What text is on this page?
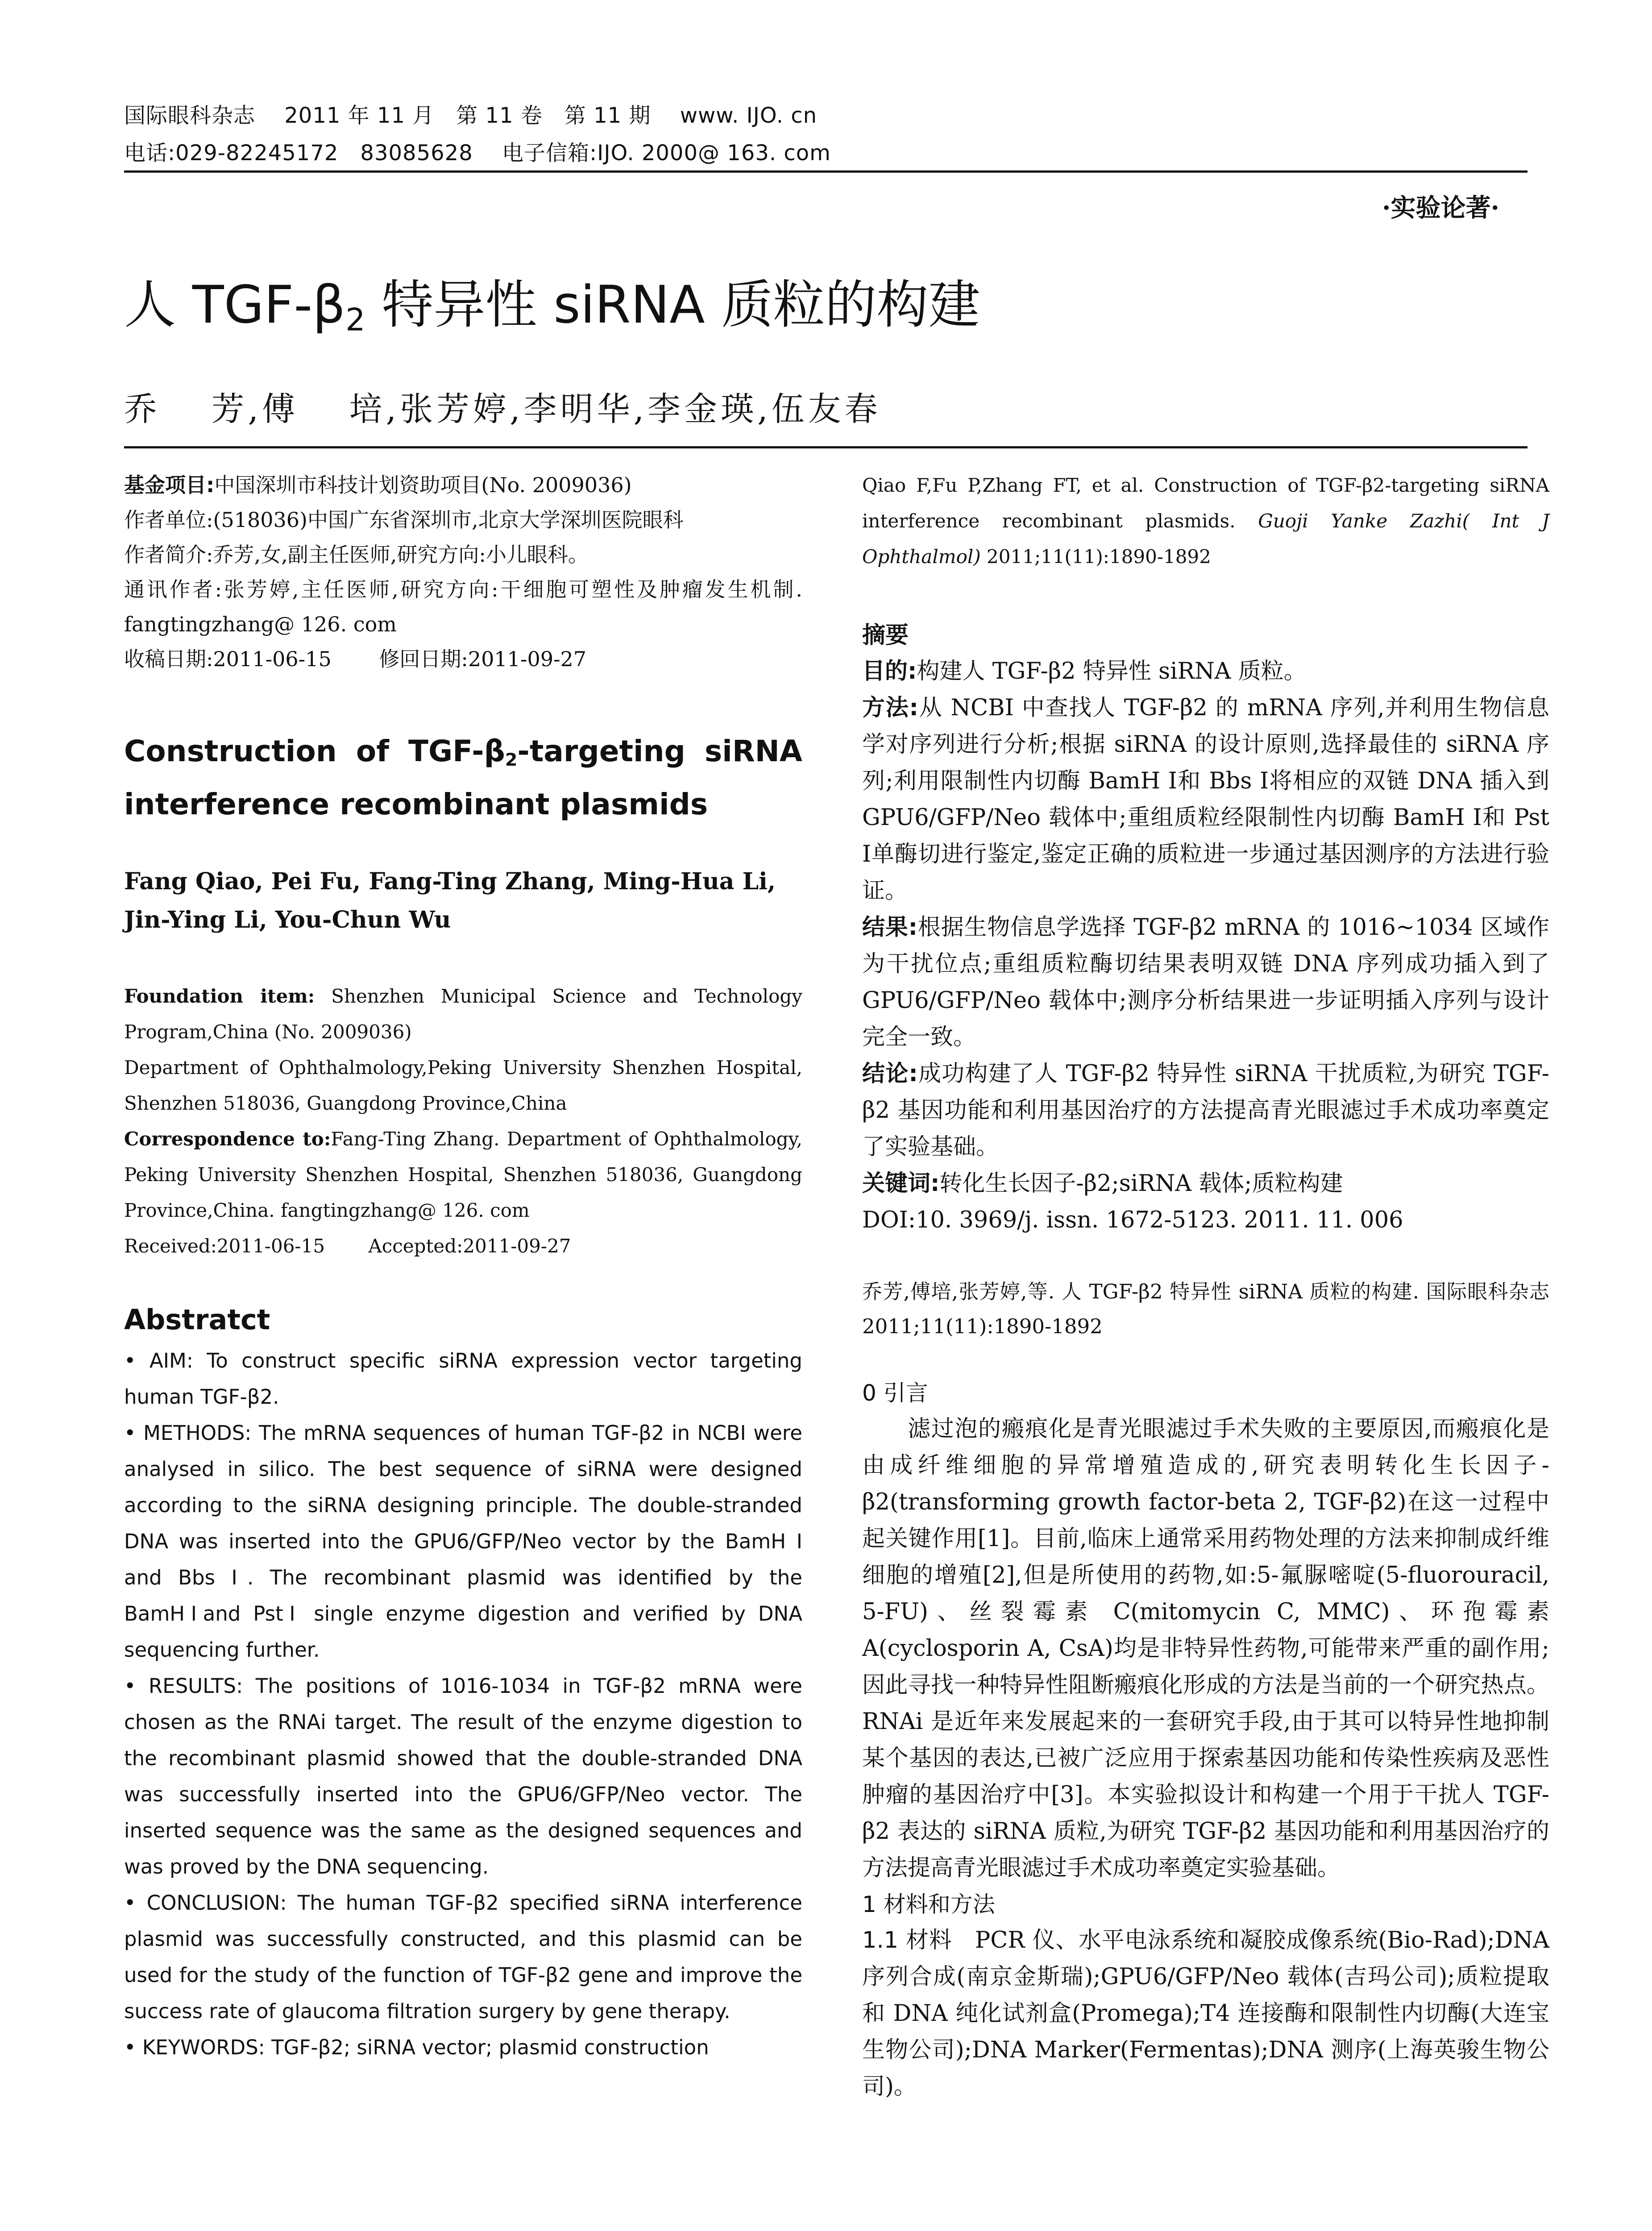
国际眼科杂志　 2011 年 11 月　第 11 卷　第 11 期　 www. IJO. cn
电话:029-82245172　83085628　 电子信箱:IJO. 2000@ 163. com
·实验论著·
人 TGF-$\beta_2$ 特异性 siRNA 质粒的构建
乔　 芳,傅　 培,张芳婷,李明华,李金瑛,伍友春
基金项目:中国深圳市科技计划资助项目(No. 2009036)
作者单位:(518036)中国广东省深圳市,北京大学深圳医院眼科
作者简介:乔芳,女,副主任医师,研究方向:小儿眼科。
通讯作者:张芳婷,主任医师,研究方向:干细胞可塑性及肿瘤发生机制. fangtingzhang@ 126. com
收稿日期:2011-06-15　　 修回日期:2011-09-27
Construction of TGF-$\beta_2$-targeting siRNA interference recombinant plasmids
Fang Qiao, Pei Fu, Fang-Ting Zhang, Ming-Hua Li, Jin-Ying Li, You-Chun Wu
Foundation item: Shenzhen Municipal Science and Technology Program,China (No. 2009036)
Department of Ophthalmology,Peking University Shenzhen Hospital, Shenzhen 518036, Guangdong Province,China
Correspondence to:Fang-Ting Zhang. Department of Ophthalmology, Peking University Shenzhen Hospital, Shenzhen 518036, Guangdong Province,China. fangtingzhang@ 126. com
Received:2011-06-15　　 Accepted:2011-09-27
Abstratct
• AIM: To construct specific siRNA expression vector targeting human TGF-β2.
• METHODS: The mRNA sequences of human TGF-β2 in NCBI were analysed in silico. The best sequence of siRNA were designed according to the siRNA designing principle. The double-stranded DNA was inserted into the GPU6/GFP/Neo vector by the BamH Ⅰ and Bbs Ⅰ. The recombinant plasmid was identified by the BamHⅠand PstⅠ single enzyme digestion and verified by DNA sequencing further.
• RESULTS: The positions of 1016-1034 in TGF-β2 mRNA were chosen as the RNAi target. The result of the enzyme digestion to the recombinant plasmid showed that the double-stranded DNA was successfully inserted into the GPU6/GFP/Neo vector. The inserted sequence was the same as the designed sequences and was proved by the DNA sequencing.
• CONCLUSION: The human TGF-β2 specified siRNA interference plasmid was successfully constructed, and this plasmid can be used for the study of the function of TGF-β2 gene and improve the success rate of glaucoma filtration surgery by gene therapy.
• KEYWORDS: TGF-β2; siRNA vector; plasmid construction
Qiao F,Fu P,Zhang FT, et al. Construction of TGF-β2-targeting siRNA interference recombinant plasmids. Guoji Yanke Zazhi( Int J Ophthalmol) 2011;11(11):1890-1892
摘要
目的:构建人 TGF-β2 特异性 siRNA 质粒。
方法:从 NCBI 中查找人 TGF-β2 的 mRNA 序列,并利用生物信息学对序列进行分析;根据 siRNA 的设计原则,选择最佳的 siRNA 序列;利用限制性内切酶 BamH Ⅰ和 Bbs Ⅰ将相应的双链 DNA 插入到 GPU6/GFP/Neo 载体中;重组质粒经限制性内切酶 BamH Ⅰ和 Pst Ⅰ单酶切进行鉴定,鉴定正确的质粒进一步通过基因测序的方法进行验证。
结果:根据生物信息学选择 TGF-β2 mRNA 的 1016~1034 区域作为干扰位点;重组质粒酶切结果表明双链 DNA 序列成功插入到了 GPU6/GFP/Neo 载体中;测序分析结果进一步证明插入序列与设计完全一致。
结论:成功构建了人 TGF-β2 特异性 siRNA 干扰质粒,为研究 TGF-β2 基因功能和利用基因治疗的方法提高青光眼滤过手术成功率奠定了实验基础。
关键词:转化生长因子-β2;siRNA 载体;质粒构建
DOI:10. 3969/j. issn. 1672-5123. 2011. 11. 006
乔芳,傅培,张芳婷,等. 人 TGF-β2 特异性 siRNA 质粒的构建. 国际眼科杂志 2011;11(11):1890-1892
0 引言
滤过泡的瘢痕化是青光眼滤过手术失败的主要原因,而瘢痕化是由成纤维细胞的异常增殖造成的,研究表明转化生长因子-β2(transforming growth factor-beta 2, TGF-β2)在这一过程中起关键作用[1]。目前,临床上通常采用药物处理的方法来抑制成纤维细胞的增殖[2],但是所使用的药物,如:5-氟脲嘧啶(5-fluorouracil, 5-FU)、丝裂霉素 C(mitomycin C, MMC)、环孢霉素 A(cyclosporin A, CsA)均是非特异性药物,可能带来严重的副作用;因此寻找一种特异性阻断瘢痕化形成的方法是当前的一个研究热点。RNAi 是近年来发展起来的一套研究手段,由于其可以特异性地抑制某个基因的表达,已被广泛应用于探索基因功能和传染性疾病及恶性肿瘤的基因治疗中[3]。本实验拟设计和构建一个用于干扰人 TGF-β2 表达的 siRNA 质粒,为研究 TGF-β2 基因功能和利用基因治疗的方法提高青光眼滤过手术成功率奠定实验基础。
1 材料和方法
1.1 材料　PCR 仪、水平电泳系统和凝胶成像系统(Bio-Rad);DNA 序列合成(南京金斯瑞);GPU6/GFP/Neo 载体(吉玛公司);质粒提取和 DNA 纯化试剂盒(Promega);T4 连接酶和限制性内切酶(大连宝生物公司);DNA Marker(Fermentas);DNA 测序(上海英骏生物公司)。
